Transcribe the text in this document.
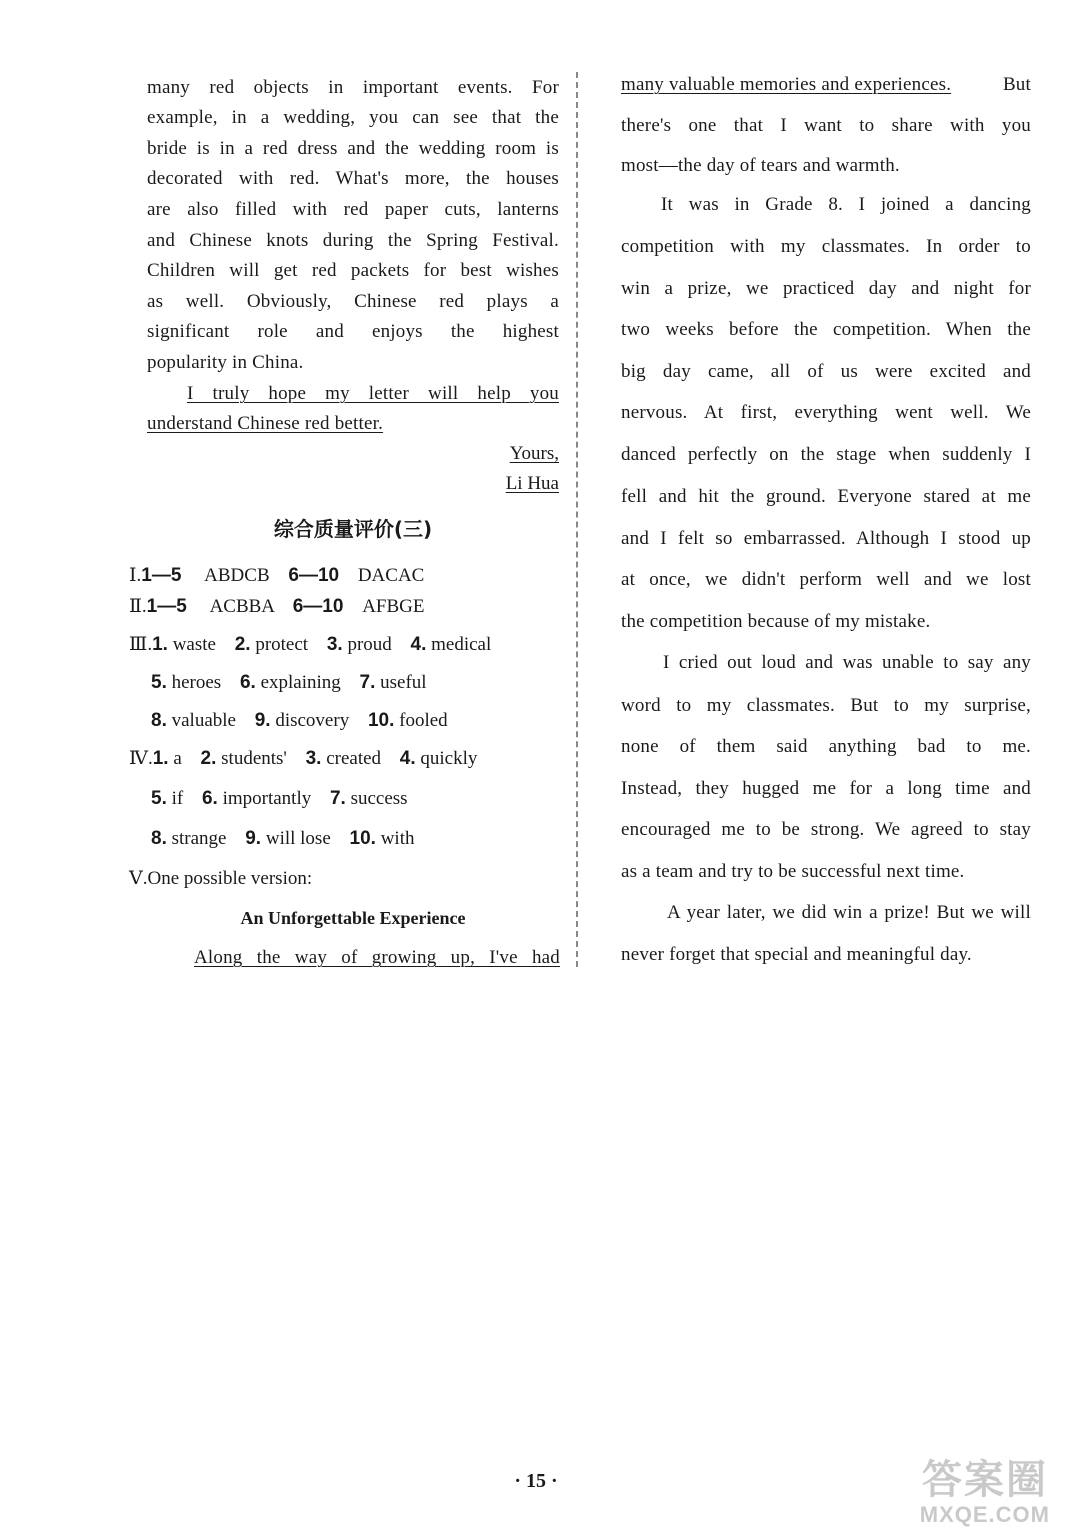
many red objects in important events. For
example, in a wedding, you can see that the
bride is in a red dress and the wedding room is
decorated with red. What's more, the houses
are also filled with red paper cuts, lanterns
and Chinese knots during the Spring Festival.
Children will get red packets for best wishes
as well. Obviously, Chinese red plays a
significant role and enjoys the highest
popularity in China.
I truly hope my letter will help you
understand Chinese red better.
Yours,
Li Hua
综合质量评价(三)
Ⅰ.1—5 ABDCB 6—10 DACAC
Ⅱ.1—5 ACBBA 6—10 AFBGE
Ⅲ.1. waste 2. protect 3. proud 4. medical
5. heroes 6. explaining 7. useful
8. valuable 9. discovery 10. fooled
Ⅳ.1. a 2. students' 3. created 4. quickly
5. if 6. importantly 7. success
8. strange 9. will lose 10. with
Ⅴ.One possible version:
An Unforgettable Experience
Along the way of growing up, I've had
many valuable memories and experiences.	But
there's one that I want to share with you
most—the day of tears and warmth.
It was in Grade 8. I joined a dancing
competition with my classmates. In order to
win a prize, we practiced day and night for
two weeks before the competition. When the
big day came, all of us were excited and
nervous. At first, everything went well. We
danced perfectly on the stage when suddenly I
fell and hit the ground. Everyone stared at me
and I felt so embarrassed. Although I stood up
at once, we didn't perform well and we lost
the competition because of my mistake.
I cried out loud and was unable to say any
word to my classmates. But to my surprise,
none of them said anything bad to me.
Instead, they hugged me for a long time and
encouraged me to be strong. We agreed to stay
as a team and try to be successful next time.
A year later, we did win a prize! But we will
never forget that special and meaningful day.
· 15 ·	答案圈
MXQE.COM
